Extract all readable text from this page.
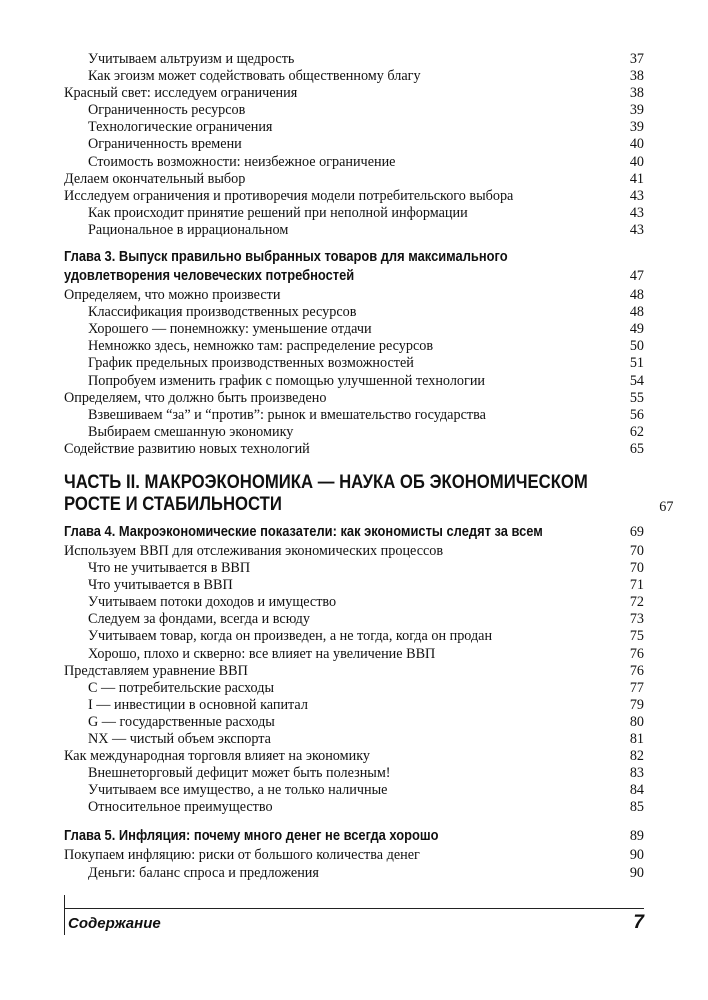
Учитываем альтруизм и щедрость	37
Как эгоизм может содействовать общественному благу	38
Красный свет: исследуем ограничения	38
Ограниченность ресурсов	39
Технологические ограничения	39
Ограниченность времени	40
Стоимость возможности: неизбежное ограничение	40
Делаем окончательный выбор	41
Исследуем ограничения и противоречия модели потребительского выбора	43
Как происходит принятие решений при неполной информации	43
Рациональное в иррациональном	43
Глава 3. Выпуск правильно выбранных товаров для максимального
удовлетворения человеческих потребностей	47
Определяем, что можно произвести	48
Классификация производственных ресурсов	48
Хорошего — понемножку: уменьшение отдачи	49
Немножко здесь, немножко там: распределение ресурсов	50
График предельных производственных возможностей	51
Попробуем изменить график с помощью улучшенной технологии	54
Определяем, что должно быть произведено	55
Взвешиваем “за” и “против”: рынок и вмешательство государства	56
Выбираем смешанную экономику	62
Содействие развитию новых технологий	65
ЧАСТЬ II. МАКРОЭКОНОМИКА — НАУКА ОБ ЭКОНОМИЧЕСКОМ
РОСТЕ И СТАБИЛЬНОСТИ	67
Глава 4. Макроэкономические показатели: как экономисты следят за всем	69
Используем ВВП для отслеживания экономических процессов	70
Что не учитывается в ВВП	70
Что учитывается в ВВП	71
Учитываем потоки доходов и имущество	72
Следуем за фондами, всегда и всюду	73
Учитываем товар, когда он произведен, а не тогда, когда он продан	75
Хорошо, плохо и скверно: все влияет на увеличение ВВП	76
Представляем уравнение ВВП	76
C — потребительские расходы	77
I — инвестиции в основной капитал	79
G — государственные расходы	80
NX — чистый объем экспорта	81
Как международная торговля влияет на экономику	82
Внешнеторговый дефицит может быть полезным!	83
Учитываем все имущество, а не только наличные	84
Относительное преимущество	85
Глава 5. Инфляция: почему много денег не всегда хорошо	89
Покупаем инфляцию: риски от большого количества денег	90
Деньги: баланс спроса и предложения	90
Содержание	7
